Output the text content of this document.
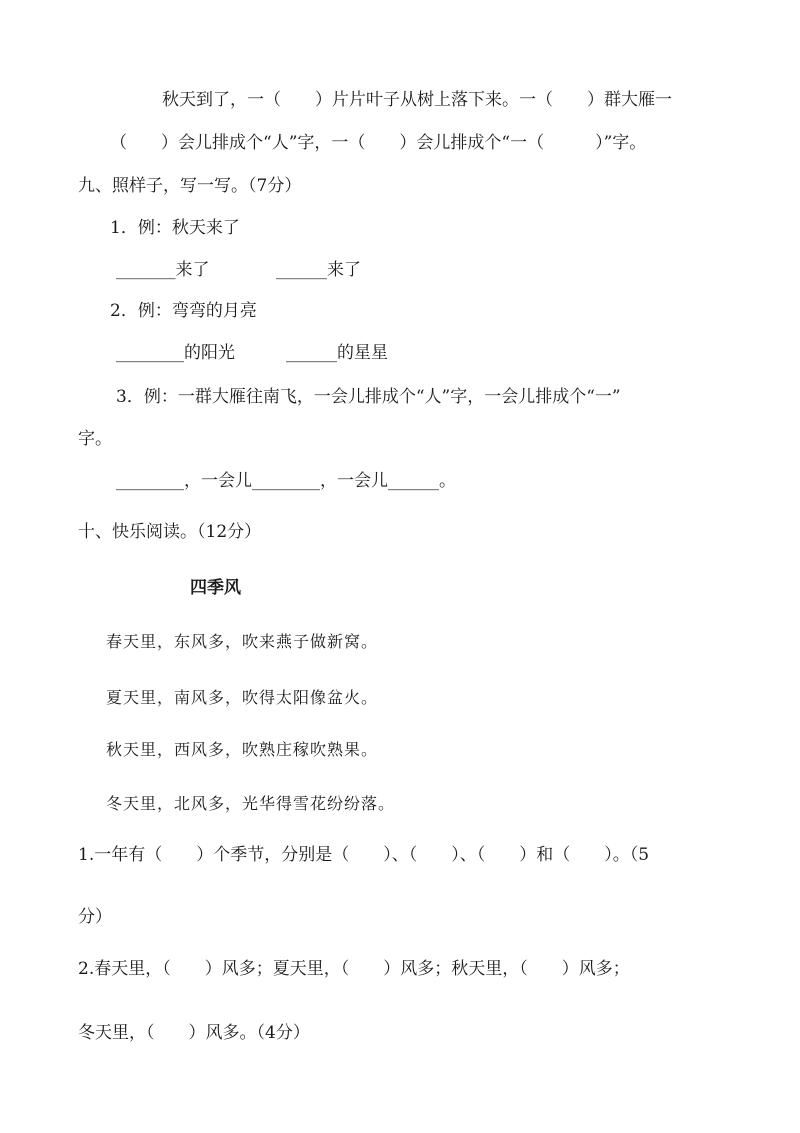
秋天到了，一（　　）片片叶子从树上落下来。一（　　）群大雁一
（　　）会儿排成个“人”字，一（　　）会儿排成个“一（　　　）”字。
九、照样子，写一写。（7分）
1．例：秋天来了
_______来了	______来了
2．例：弯弯的月亮
________的阳光	______的星星
3．例：一群大雁往南飞，一会儿排成个“人”字，一会儿排成个“一”
字。
________，一会儿________，一会儿______。
十、快乐阅读。（12分）
四季风
春天里，东风多，吹来燕子做新窝。
夏天里，南风多，吹得太阳像盆火。
秋天里，西风多，吹熟庄稼吹熟果。
冬天里，北风多，光华得雪花纷纷落。
1.一年有（　　）个季节，分别是（　　）、（　　）、（　　）和（　　）。（5
分）
2.春天里，（　　）风多；夏天里，（　　）风多；秋天里，（　　）风多；
冬天里，（　　）风多。（4分）
